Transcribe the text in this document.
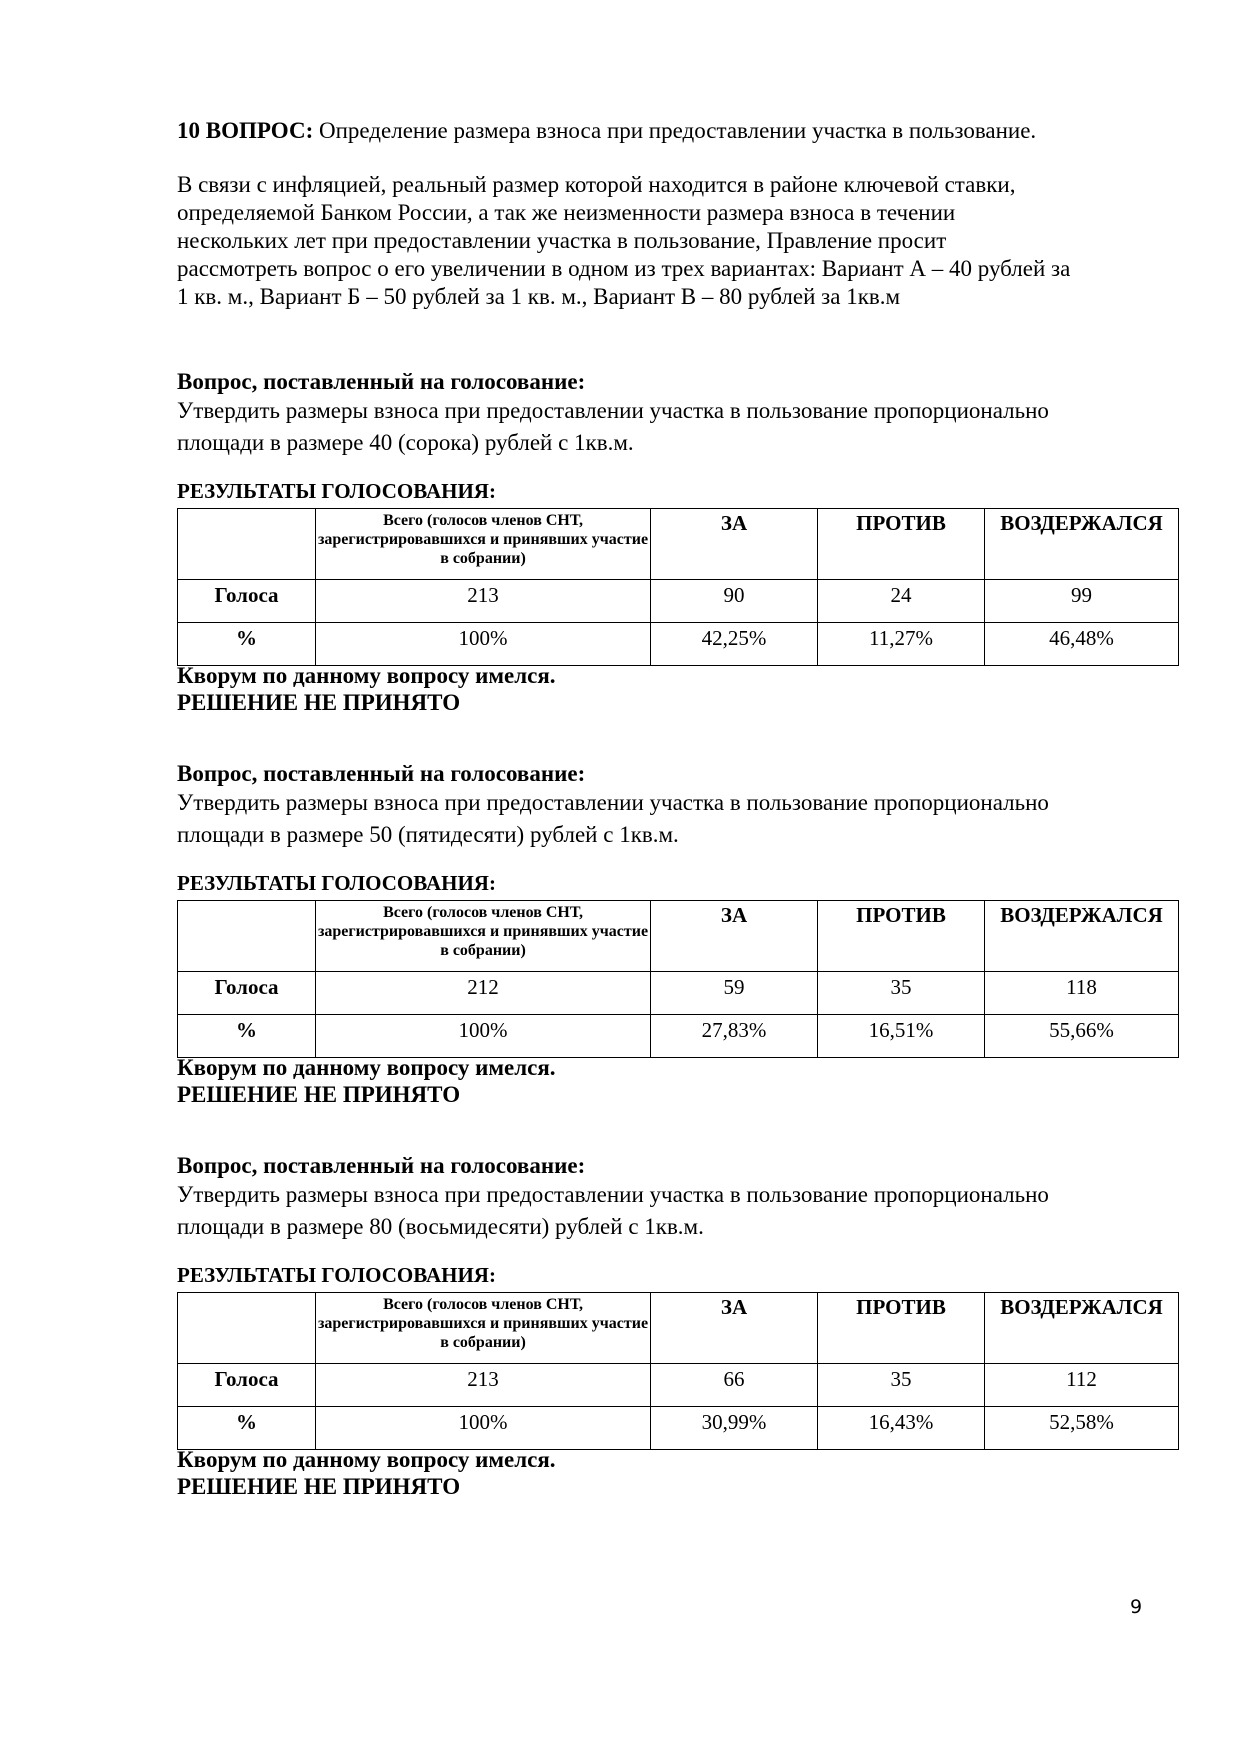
10 ВОПРОС: Определение размера взноса при предоставлении участка в пользование.

В связи с инфляцией, реальный размер которой находится в районе ключевой ставки,

определяемой Банком России, а так же неизменности размера взноса в течении

нескольких лет при предоставлении участка в пользование, Правление просит

рассмотреть вопрос о его увеличении в одном из трех вариантах: Вариант А – 40 рублей за

1 кв. м., Вариант Б – 50 рублей за 1 кв. м., Вариант В – 80 рублей за 1кв.м

Вопрос, поставленный на голосование:

Утвердить размеры взноса при предоставлении участка в пользование пропорционально

площади в размере 40 (сорока) рублей с 1кв.м.

РЕЗУЛЬТАТЫ ГОЛОСОВАНИЯ:
	Всего (голосов членов СНТ, зарегистрировавшихся и принявших участие в собрании)	ЗА	ПРОТИВ	ВОЗДЕРЖАЛСЯ
Голоса	213	90	24	99
%	100%	42,25%	11,27%	46,48%
Кворум по данному вопросу имелся.
РЕШЕНИЕ НЕ ПРИНЯТО
Вопрос, поставленный на голосование:

Утвердить размеры взноса при предоставлении участка в пользование пропорционально

площади в размере 50 (пятидесяти) рублей с 1кв.м.

РЕЗУЛЬТАТЫ ГОЛОСОВАНИЯ:
	Всего (голосов членов СНТ, зарегистрировавшихся и принявших участие в собрании)	ЗА	ПРОТИВ	ВОЗДЕРЖАЛСЯ
Голоса	212	59	35	118
%	100%	27,83%	16,51%	55,66%
Кворум по данному вопросу имелся.
РЕШЕНИЕ НЕ ПРИНЯТО
Вопрос, поставленный на голосование:

Утвердить размеры взноса при предоставлении участка в пользование пропорционально

площади в размере 80 (восьмидесяти) рублей с 1кв.м.

РЕЗУЛЬТАТЫ ГОЛОСОВАНИЯ:
	Всего (голосов членов СНТ, зарегистрировавшихся и принявших участие в собрании)	ЗА	ПРОТИВ	ВОЗДЕРЖАЛСЯ
Голоса	213	66	35	112
%	100%	30,99%	16,43%	52,58%
Кворум по данному вопросу имелся.
РЕШЕНИЕ НЕ ПРИНЯТО
9
